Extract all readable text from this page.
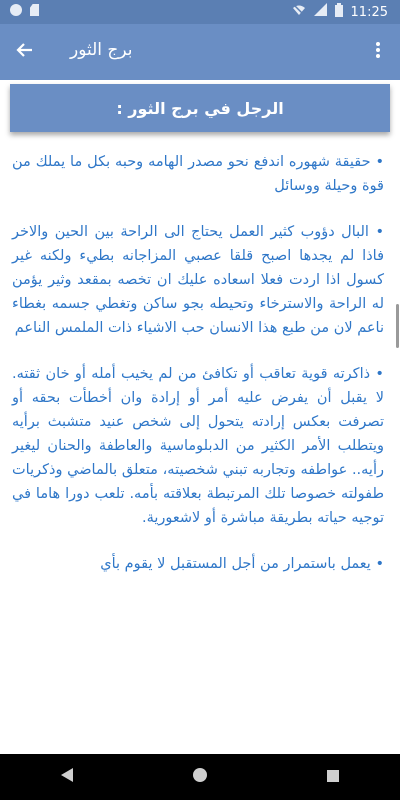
11:25
برج الثور
الرجل في برج الثور :

• حقيقة شهوره اندفع نحو مصدر الهامه وحبه بكل ما يملك من قوة وحيلة ووسائل

• البال دؤوب كثير العمل يحتاج الى الراحة بين الحين والاخر فاذا لم يجدها اصبح قلقا عصبي المزاجانه بطيء ولكنه غير كسول اذا اردت فعلا اسعاده عليك ان تخصه بمقعد وثير يؤمن له الراحة والاسترخاء وتحيطه بجو ساكن وتغطي جسمه بغطاء ناعم لان من طبع هذا الانسان حب الاشياء ذات الملمس الناعم

• ذاكرته قوية تعاقب أو تكافئ من لم يخيب أمله أو خان ثقته. لا يقبل أن يفرض عليه أمر أو إرادة وان أخطأت بحقه أو تصرفت بعكس إرادته يتحول إلى شخص عنيد متشبث برأيه ويتطلب الأمر الكثير من الدبلوماسية والعاطفة والحنان ليغير رأيه.. عواطفه وتجاربه تبني شخصيته، متعلق بالماضي وذكريات طفولته خصوصا تلك المرتبطة بعلاقته بأمه. تلعب دورا هاما في توجيه حياته بطريقة مباشرة أو لاشعورية.

• يعمل باستمرار من أجل المستقبل لا يقوم بأي
